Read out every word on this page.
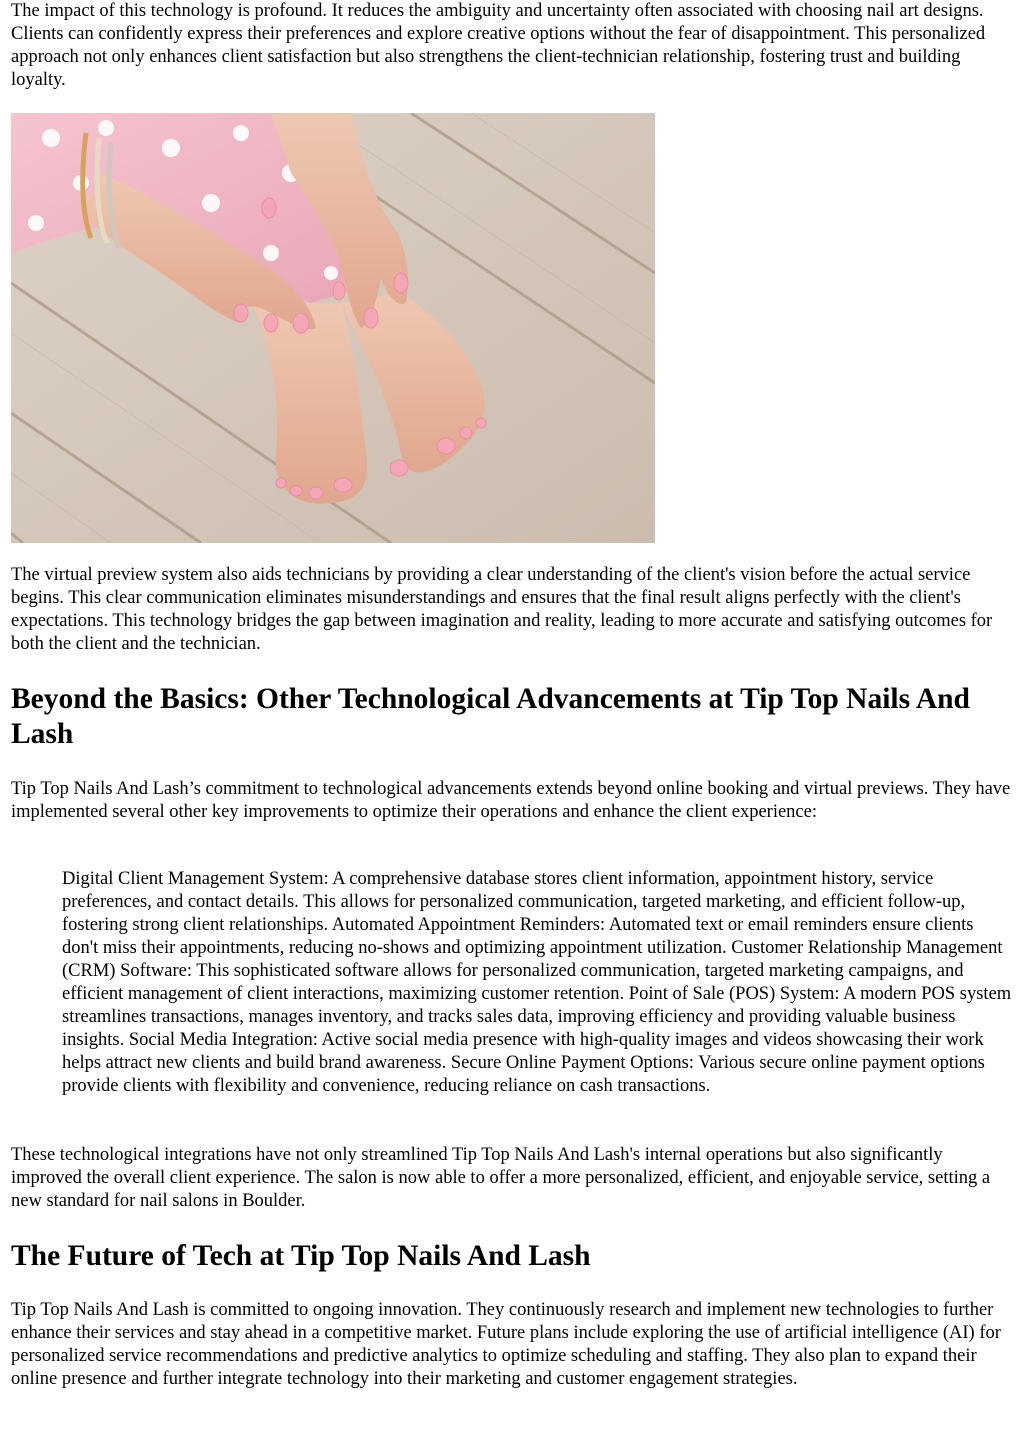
The impact of this technology is profound. It reduces the ambiguity and uncertainty often associated with choosing nail art designs. Clients can confidently express their preferences and explore creative options without the fear of disappointment. This personalized approach not only enhances client satisfaction but also strengthens the client-technician relationship, fostering trust and building loyalty.

The virtual preview system also aids technicians by providing a clear understanding of the client's vision before the actual service begins. This clear communication eliminates misunderstandings and ensures that the final result aligns perfectly with the client's expectations. This technology bridges the gap between imagination and reality, leading to more accurate and satisfying outcomes for both the client and the technician.

Beyond the Basics: Other Technological Advancements at Tip Top Nails And Lash

Tip Top Nails And Lash’s commitment to technological advancements extends beyond online booking and virtual previews. They have implemented several other key improvements to optimize their operations and enhance the client experience:

Digital Client Management System: A comprehensive database stores client information, appointment history, service preferences, and contact details. This allows for personalized communication, targeted marketing, and efficient follow-up, fostering strong client relationships. Automated Appointment Reminders: Automated text or email reminders ensure clients don't miss their appointments, reducing no-shows and optimizing appointment utilization. Customer Relationship Management (CRM) Software: This sophisticated software allows for personalized communication, targeted marketing campaigns, and efficient management of client interactions, maximizing customer retention. Point of Sale (POS) System: A modern POS system streamlines transactions, manages inventory, and tracks sales data, improving efficiency and providing valuable business insights. Social Media Integration: Active social media presence with high-quality images and videos showcasing their work helps attract new clients and build brand awareness. Secure Online Payment Options: Various secure online payment options provide clients with flexibility and convenience, reducing reliance on cash transactions.

These technological integrations have not only streamlined Tip Top Nails And Lash's internal operations but also significantly improved the overall client experience. The salon is now able to offer a more personalized, efficient, and enjoyable service, setting a new standard for nail salons in Boulder.

The Future of Tech at Tip Top Nails And Lash

Tip Top Nails And Lash is committed to ongoing innovation. They continuously research and implement new technologies to further enhance their services and stay ahead in a competitive market. Future plans include exploring the use of artificial intelligence (AI) for personalized service recommendations and predictive analytics to optimize scheduling and staffing. They also plan to expand their online presence and further integrate technology into their marketing and customer engagement strategies.
